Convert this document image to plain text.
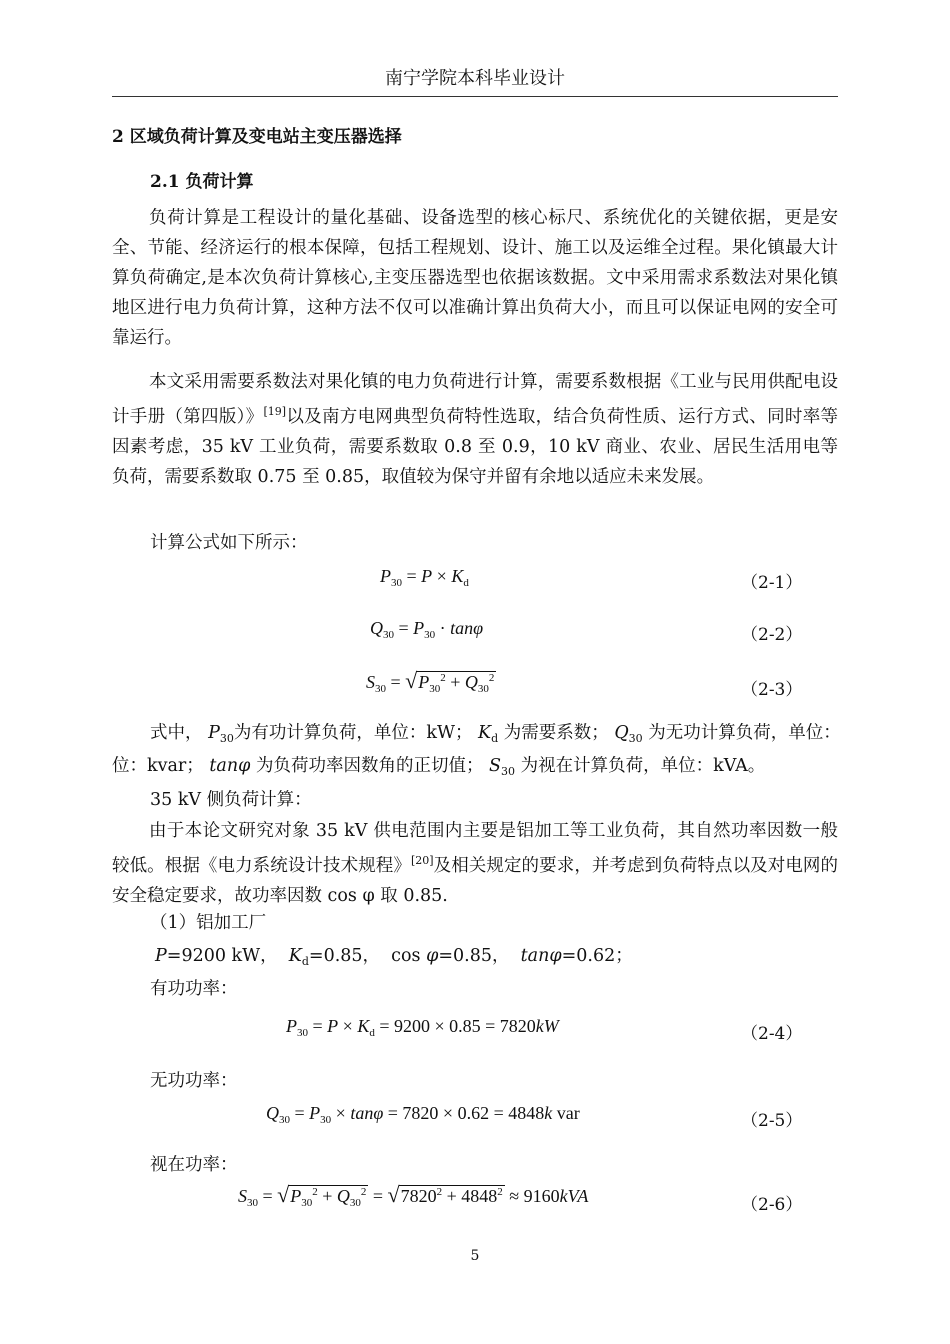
南宁学院本科毕业设计
2 区域负荷计算及变电站主变压器选择
2.1 负荷计算

负荷计算是工程设计的量化基础、设备选型的核心标尺、系统优化的关键依据，更是安全、节能、经济运行的根本保障，包括工程规划、设计、施工以及运维全过程。果化镇最大计算负荷确定,是本次负荷计算核心,主变压器选型也依据该数据。文中采用需求系数法对果化镇地区进行电力负荷计算，这种方法不仅可以准确计算出负荷大小，而且可以保证电网的安全可靠运行。

本文采用需要系数法对果化镇的电力负荷进行计算，需要系数根据《工业与民用供配电设计手册（第四版）》[19]以及南方电网典型负荷特性选取，结合负荷性质、运行方式、同时率等因素考虑，35 kV 工业负荷，需要系数取 0.8 至 0.9，10 kV 商业、农业、居民生活用电等负荷，需要系数取 0.75 至 0.85，取值较为保守并留有余地以适应未来发展。

计算公式如下所示：
$P_{30} = P \times K_d$	（2-1）
$Q_{30} = P_{30} \cdot \tan\varphi$	（2-2）
$S_{30} = √P_{30}^2 + Q_{30}^2$
（2-3）
式中， $P_{30}$为有功计算负荷，单位：kW； $K_d$ 为需要系数； $Q_{30}$ 为无功计算负荷，单位：
位：kvar； tanφ 为负荷功率因数角的正切值； $S_{30}$ 为视在计算负荷，单位：kVA。
35 kV 侧负荷计算：

由于本论文研究对象 35 kV 供电范围内主要是铝加工等工业负荷，其自然功率因数一般较低。根据《电力系统设计技术规程》[20]及相关规定的要求，并考虑到负荷特点以及对电网的安全稳定要求，故功率因数 cos φ 取 0.85.

（1）铝加工厂
P=9200 kW， $K_d=0.85$，  cos φ=0.85， tanφ=0.62；
有功功率：
$P_{30} = P \times K_d = 9200 \times 0.85 = 7820kW$	（2-4）
无功功率：
$Q_{30} = P_{30} \times \tan\varphi = 7820 \times 0.62 = 4848k$ var	（2-5）
视在功率：
$S_{30} = √P_{30}^2 + Q_{30}^2 = √7820^2 + 4848^2 \approx 9160kVA$	（2-6）
5
